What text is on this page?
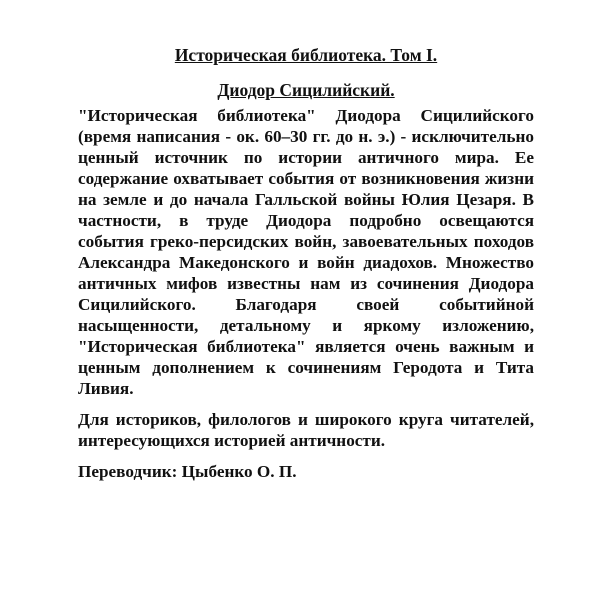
Историческая библиотека. Том I.
Диодор Сицилийский.

"Историческая библиотека" Диодора Сицилийского (время написания - ок. 60–30 гг. до н. э.) - исключительно ценный источник по истории античного мира. Ее содержание охватывает события от возникновения жизни на земле и до начала Галльской войны Юлия Цезаря. В частности, в труде Диодора подробно освещаются события греко-персидских войн, завоевательных походов Александра Македонского и войн диадохов. Множество античных мифов известны нам из сочинения Диодора Сицилийского. Благодаря своей событийной насыщенности, детальному и яркому изложению, "Историческая библиотека" является очень важным и ценным дополнением к сочинениям Геродота и Тита Ливия.

Для историков, филологов и широкого круга читателей, интересующихся историей античности.

Переводчик: Цыбенко О. П.
